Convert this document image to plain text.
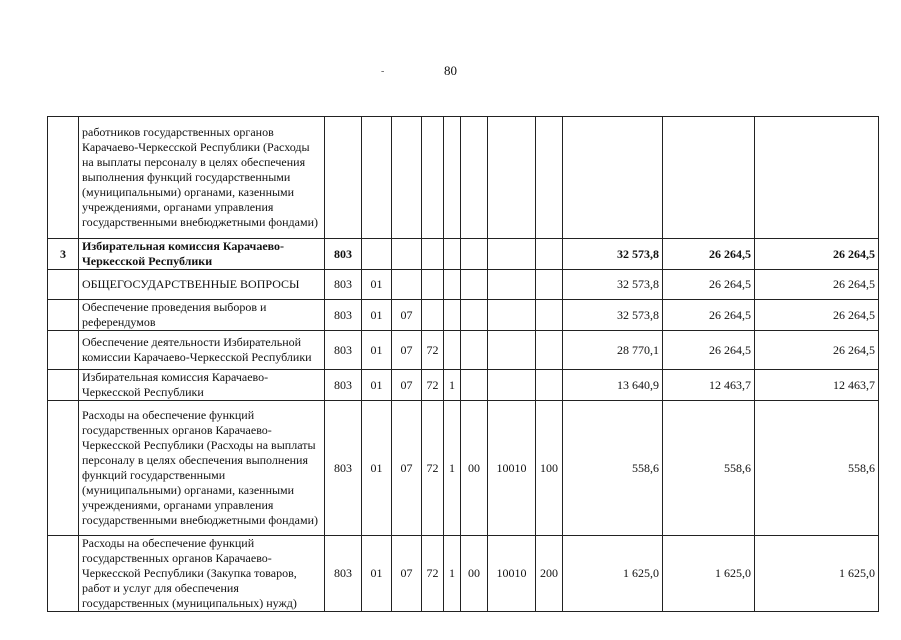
80
-
	работников государственных органов Карачаево-Черкесской Республики (Расходы на выплаты персоналу в целях обеспечения выполнения функций государственными (муниципальными) органами, казенными учреждениями, органами управления государственными внебюджетными фондами)											
3	Избирательная комиссия Карачаево-Черкесской Республики	803								32 573,8	26 264,5	26 264,5
	ОБЩЕГОСУДАРСТВЕННЫЕ ВОПРОСЫ	803	01							32 573,8	26 264,5	26 264,5
	Обеспечение проведения выборов и референдумов	803	01	07						32 573,8	26 264,5	26 264,5
	Обеспечение деятельности Избирательной комиссии Карачаево-Черкесской Республики	803	01	07	72					28 770,1	26 264,5	26 264,5
	Избирательная комиссия Карачаево-Черкесской Республики	803	01	07	72	1				13 640,9	12 463,7	12 463,7
	Расходы на обеспечение функций государственных органов Карачаево-Черкесской Республики (Расходы на выплаты персоналу в целях обеспечения выполнения функций государственными (муниципальными) органами, казенными учреждениями, органами управления государственными внебюджетными фондами)	803	01	07	72	1	00	10010	100	558,6	558,6	558,6
	Расходы на обеспечение функций государственных органов Карачаево-Черкесской Республики (Закупка товаров, работ и услуг для обеспечения государственных (муниципальных) нужд)	803	01	07	72	1	00	10010	200	1 625,0	1 625,0	1 625,0
